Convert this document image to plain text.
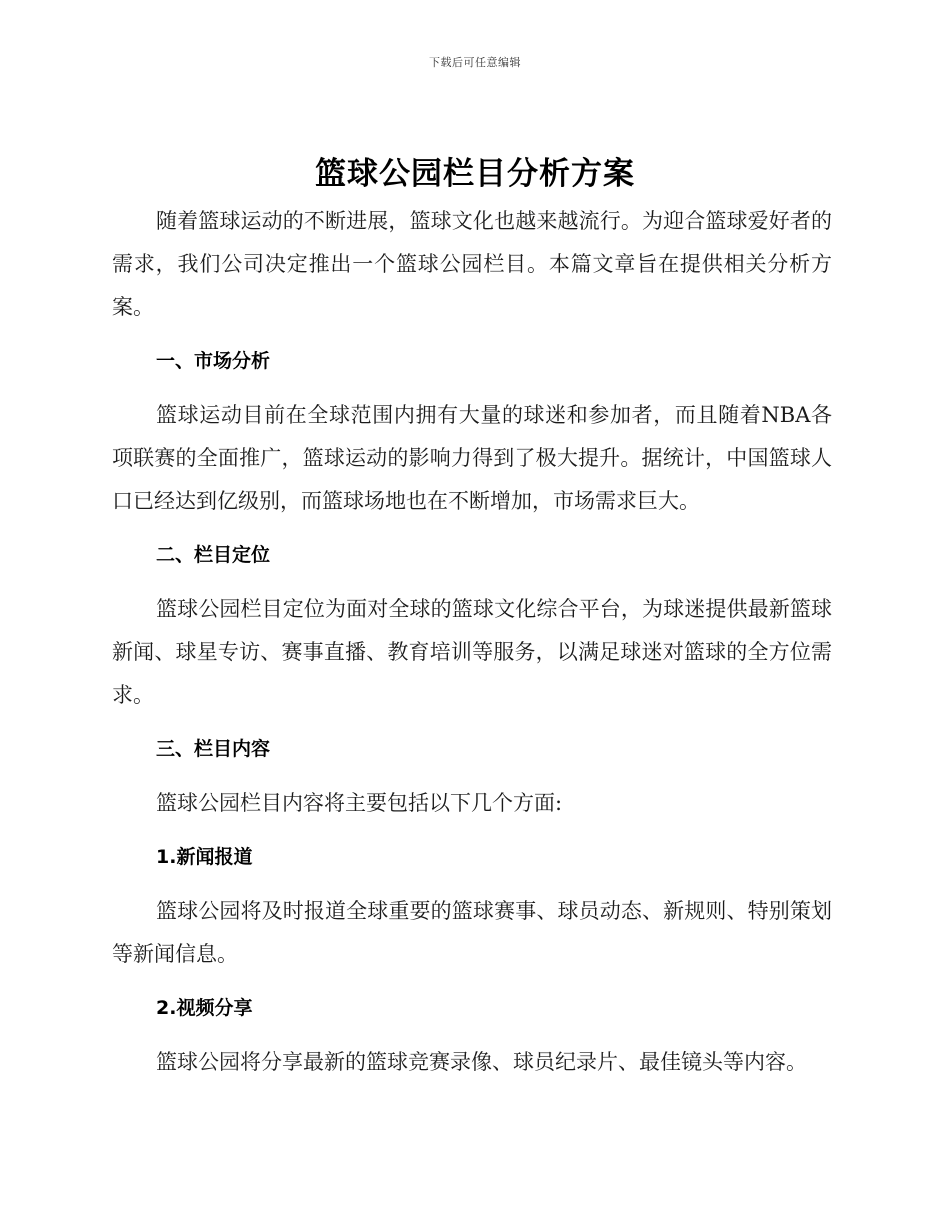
下载后可任意编辑
篮球公园栏目分析方案

随着篮球运动的不断进展，篮球文化也越来越流行。为迎合篮球爱好者的需求，我们公司决定推出一个篮球公园栏目。本篇文章旨在提供相关分析方案。

一、市场分析

篮球运动目前在全球范围内拥有大量的球迷和参加者，而且随着NBA各项联赛的全面推广，篮球运动的影响力得到了极大提升。据统计，中国篮球人口已经达到亿级别，而篮球场地也在不断增加，市场需求巨大。

二、栏目定位

篮球公园栏目定位为面对全球的篮球文化综合平台，为球迷提供最新篮球新闻、球星专访、赛事直播、教育培训等服务，以满足球迷对篮球的全方位需求。

三、栏目内容

篮球公园栏目内容将主要包括以下几个方面:

1.新闻报道

篮球公园将及时报道全球重要的篮球赛事、球员动态、新规则、特别策划等新闻信息。

2.视频分享

篮球公园将分享最新的篮球竞赛录像、球员纪录片、最佳镜头等内容。
